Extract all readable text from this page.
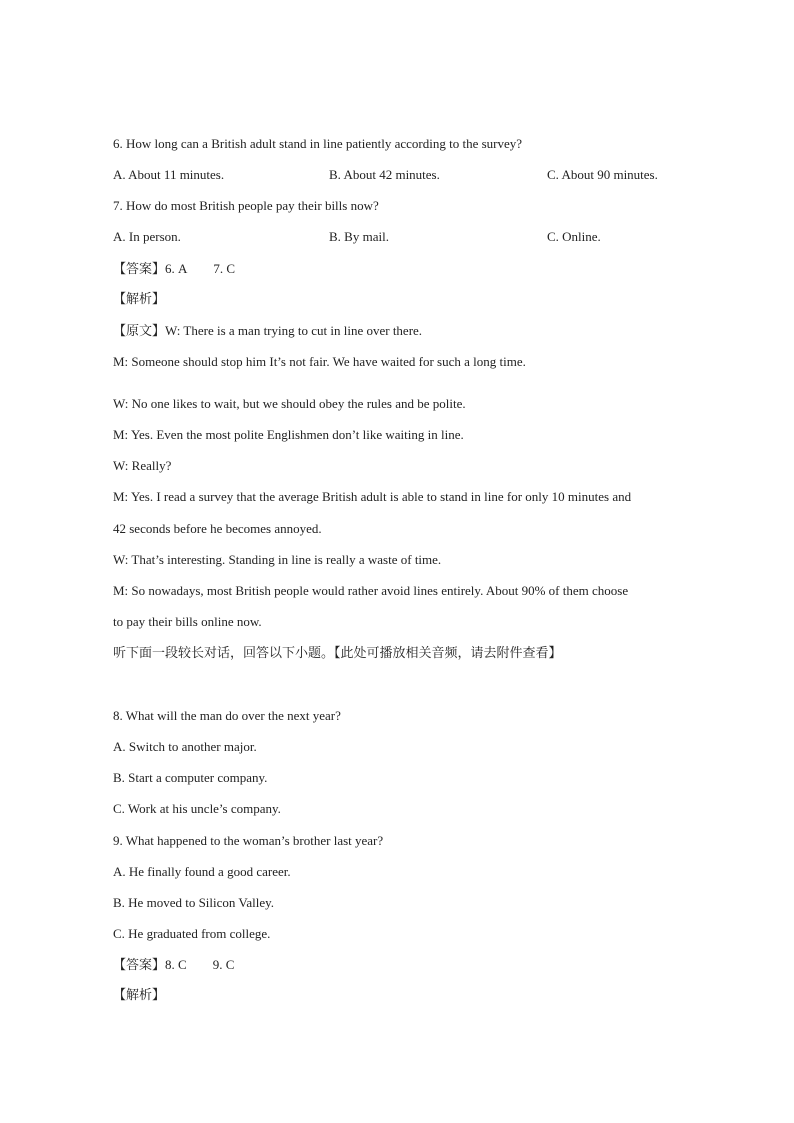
6. How long can a British adult stand in line patiently according to the survey?
A. About 11 minutes.	B. About 42 minutes.	C. About 90 minutes.
7. How do most British people pay their bills now?
A. In person.	B. By mail.	C. Online.
【答案】6. A 7. C
【解析】
【原文】W: There is a man trying to cut in line over there.
M: Someone should stop him It’s not fair. We have waited for such a long time.
W: No one likes to wait, but we should obey the rules and be polite.
M: Yes. Even the most polite Englishmen don’t like waiting in line.
W: Really?
M: Yes. I read a survey that the average British adult is able to stand in line for only 10 minutes and
42 seconds before he becomes annoyed.
W: That’s interesting. Standing in line is really a waste of time.
M: So nowadays, most British people would rather avoid lines entirely. About 90% of them choose
to pay their bills online now.
听下面一段较长对话，回答以下小题。【此处可播放相关音频，请去附件查看】
8. What will the man do over the next year?
A. Switch to another major.
B. Start a computer company.
C. Work at his uncle’s company.
9. What happened to the woman’s brother last year?
A. He finally found a good career.
B. He moved to Silicon Valley.
C. He graduated from college.
【答案】8. C 9. C
【解析】
